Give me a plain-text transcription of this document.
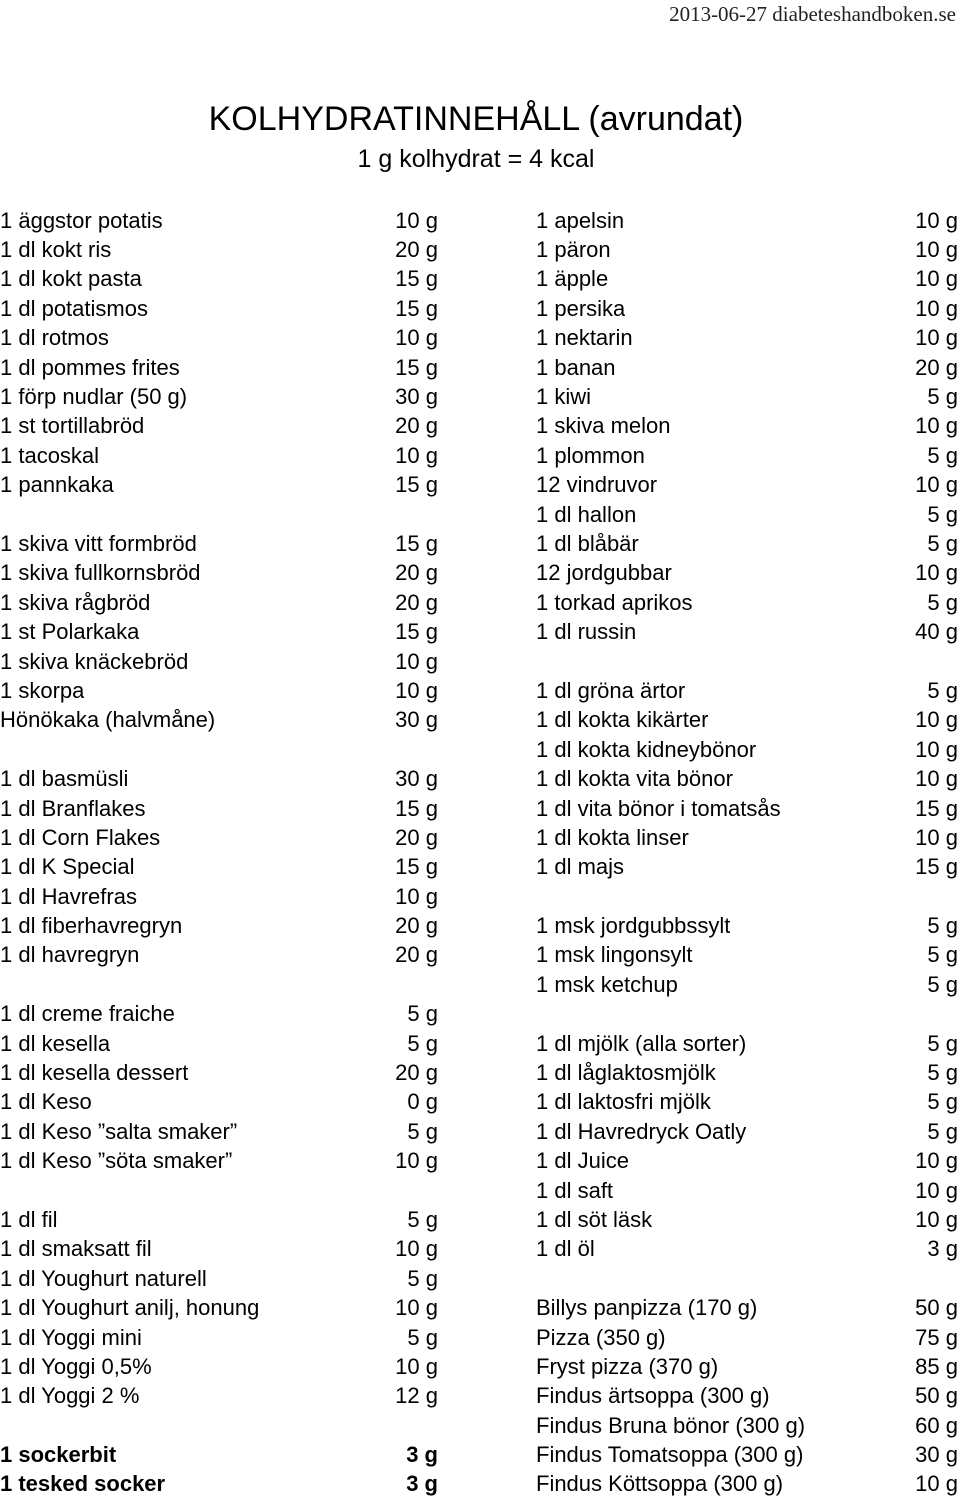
2013-06-27 diabeteshandboken.se
KOLHYDRATINNEHÅLL (avrundat)
1 g kolhydrat = 4 kcal
1 äggstor potatis	10 g
1 dl kokt ris	20 g
1 dl kokt pasta	15 g
1 dl potatismos	15 g
1 dl rotmos	10 g
1 dl pommes frites	15 g
1 förp nudlar (50 g)	30 g
1 st tortillabröd	20 g
1 tacoskal	10 g
1 pannkaka	15 g
1 skiva vitt formbröd	15 g
1 skiva fullkornsbröd	20 g
1 skiva rågbröd	20 g
1 st Polarkaka	15 g
1 skiva knäckebröd	10 g
1 skorpa	10 g
Hönökaka (halvmåne)	30 g
1 dl basmüsli	30 g
1 dl Branflakes	15 g
1 dl Corn Flakes	20 g
1 dl K Special	15 g
1 dl Havrefras	10 g
1 dl fiberhavregryn	20 g
1 dl havregryn	20 g
1 dl creme fraiche	5 g
1 dl kesella	5 g
1 dl kesella dessert	20 g
1 dl Keso	0 g
1 dl Keso ”salta smaker”	5 g
1 dl Keso ”söta smaker”	10 g
1 dl fil	5 g
1 dl smaksatt fil	10 g
1 dl Youghurt naturell	5 g
1 dl Youghurt anilj, honung	10 g
1 dl Yoggi mini	5 g
1 dl Yoggi 0,5%	10 g
1 dl Yoggi 2 %	12 g
1 sockerbit	3 g
1 tesked socker	3 g
1 apelsin	10 g
1 päron	10 g
1 äpple	10 g
1 persika	10 g
1 nektarin	10 g
1 banan	20 g
1 kiwi	5 g
1 skiva melon	10 g
1 plommon	5 g
12 vindruvor	10 g
1 dl hallon	5 g
1 dl blåbär	5 g
12 jordgubbar	10 g
1 torkad aprikos	5 g
1 dl russin	40 g
1 dl gröna ärtor	5 g
1 dl kokta kikärter	10 g
1 dl kokta kidneybönor	10 g
1 dl kokta vita bönor	10 g
1 dl vita bönor i tomatsås	15 g
1 dl kokta linser	10 g
1 dl majs	15 g
1 msk jordgubbssylt	5 g
1 msk lingonsylt	5 g
1 msk ketchup	5 g
1 dl mjölk (alla sorter)	5 g
1 dl låglaktosmjölk	5 g
1 dl laktosfri mjölk	5 g
1 dl Havredryck Oatly	5 g
1 dl Juice	10 g
1 dl saft	10 g
1 dl söt läsk	10 g
1 dl öl	3 g
Billys panpizza (170 g)	50 g
Pizza (350 g)	75 g
Fryst pizza (370 g)	85 g
Findus ärtsoppa (300 g)	50 g
Findus Bruna bönor (300 g)	60 g
Findus Tomatsoppa (300 g)	30 g
Findus Köttsoppa (300 g)	10 g
